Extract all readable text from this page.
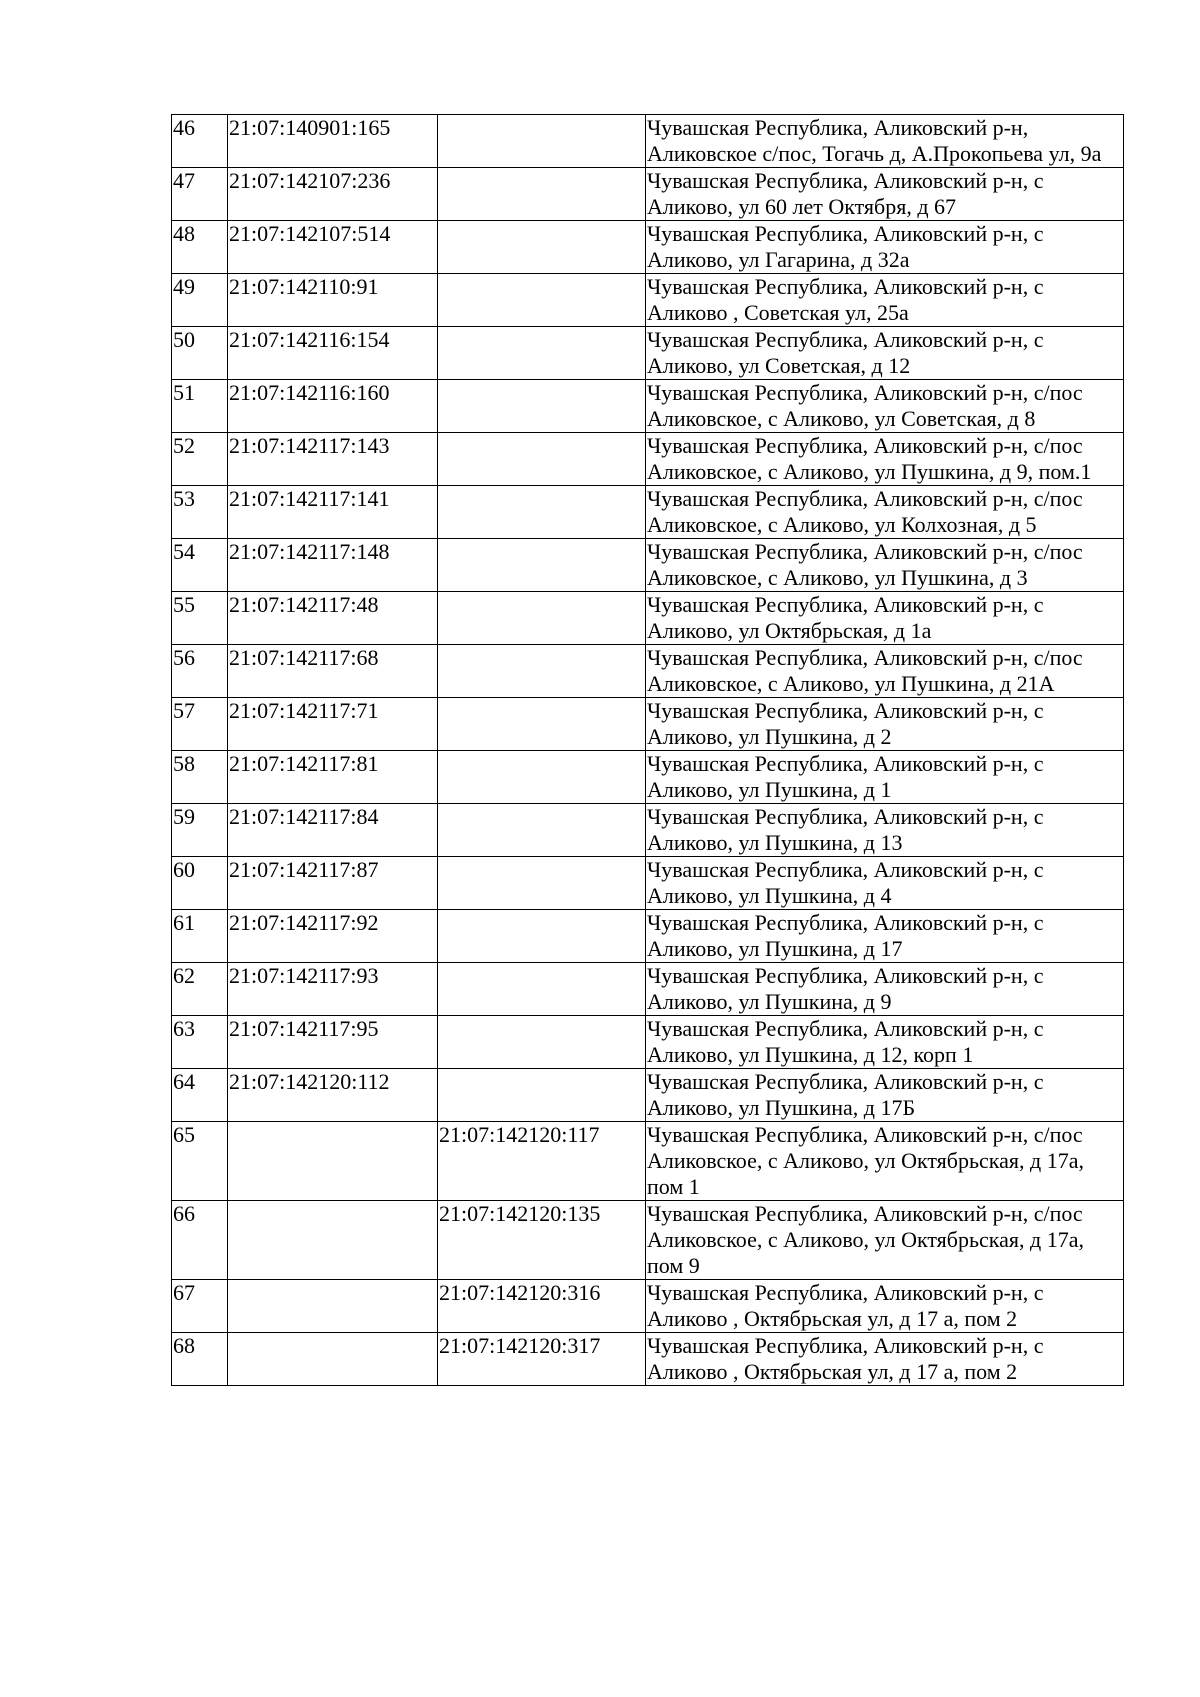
46	21:07:140901:165		Чувашская Республика, Аликовский р-н, Аликовское с/пос, Тогачь д, А.Прокопьева ул, 9а
47	21:07:142107:236		Чувашская Республика, Аликовский р-н, с Аликово, ул 60 лет Октября, д 67
48	21:07:142107:514		Чувашская Республика, Аликовский р-н, с Аликово, ул Гагарина, д 32а
49	21:07:142110:91		Чувашская Республика, Аликовский р-н, с Аликово , Советская ул, 25а
50	21:07:142116:154		Чувашская Республика, Аликовский р-н, с Аликово, ул Советская, д 12
51	21:07:142116:160		Чувашская Республика, Аликовский р-н, с/пос Аликовское, с Аликово, ул Советская, д 8
52	21:07:142117:143		Чувашская Республика, Аликовский р-н, с/пос Аликовское, с Аликово, ул Пушкина, д 9, пом.1
53	21:07:142117:141		Чувашская Республика, Аликовский р-н, с/пос Аликовское, с Аликово, ул Колхозная, д 5
54	21:07:142117:148		Чувашская Республика, Аликовский р-н, с/пос Аликовское, с Аликово, ул Пушкина, д 3
55	21:07:142117:48		Чувашская Республика, Аликовский р-н, с Аликово, ул Октябрьская, д 1а
56	21:07:142117:68		Чувашская Республика, Аликовский р-н, с/пос Аликовское, с Аликово, ул Пушкина, д 21А
57	21:07:142117:71		Чувашская Республика, Аликовский р-н, с Аликово, ул Пушкина, д 2
58	21:07:142117:81		Чувашская Республика, Аликовский р-н, с Аликово, ул Пушкина, д 1
59	21:07:142117:84		Чувашская Республика, Аликовский р-н, с Аликово, ул Пушкина, д 13
60	21:07:142117:87		Чувашская Республика, Аликовский р-н, с Аликово, ул Пушкина, д 4
61	21:07:142117:92		Чувашская Республика, Аликовский р-н, с Аликово, ул Пушкина, д 17
62	21:07:142117:93		Чувашская Республика, Аликовский р-н, с Аликово, ул Пушкина, д 9
63	21:07:142117:95		Чувашская Республика, Аликовский р-н, с Аликово, ул Пушкина, д 12, корп 1
64	21:07:142120:112		Чувашская Республика, Аликовский р-н, с Аликово, ул Пушкина, д 17Б
65		21:07:142120:117	Чувашская Республика, Аликовский р-н, с/пос Аликовское, с Аликово, ул Октябрьская, д 17а, пом 1
66		21:07:142120:135	Чувашская Республика, Аликовский р-н, с/пос Аликовское, с Аликово, ул Октябрьская, д 17а, пом 9
67		21:07:142120:316	Чувашская Республика, Аликовский р-н, с Аликово , Октябрьская ул, д 17 а, пом 2
68		21:07:142120:317	Чувашская Республика, Аликовский р-н, с Аликово , Октябрьская ул, д 17 а, пом 2
